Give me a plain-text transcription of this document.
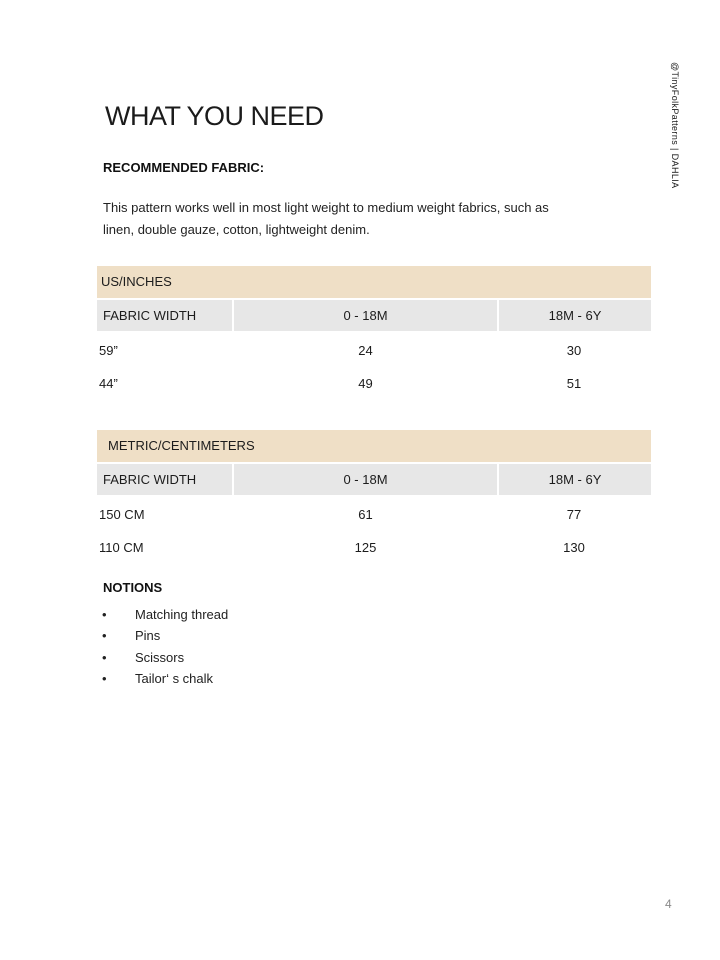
@TinyFolkPatterns | DAHLIA
WHAT YOU NEED
RECOMMENDED FABRIC:
This pattern works well in most light weight to medium weight fabrics, such as
linen, double gauze, cotton, lightweight denim.
US/INCHES
FABRIC WIDTH	0 - 18M	18M - 6Y
59”	24	30
44”	49	51
METRIC/CENTIMETERS
FABRIC WIDTH	0 - 18M	18M - 6Y
150 CM	61	77
110 CM	125	130
NOTIONS
• Matching thread
• Pins
• Scissors
• Tailor‘ s chalk
4
